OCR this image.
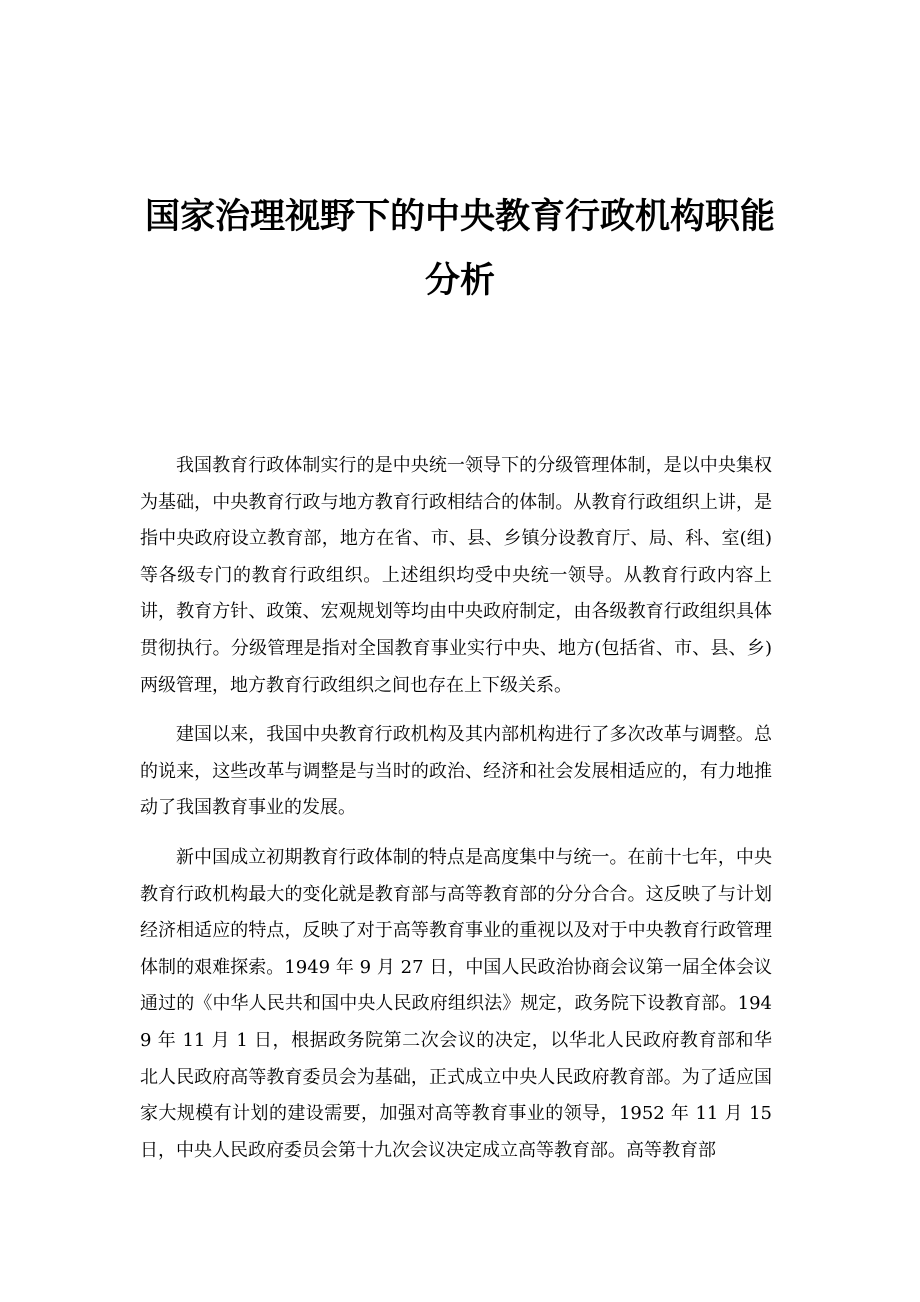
国家治理视野下的中央教育行政机构职能分析

我国教育行政体制实行的是中央统一领导下的分级管理体制，是以中央集权为基础，中央教育行政与地方教育行政相结合的体制。从教育行政组织上讲，是指中央政府设立教育部，地方在省、市、县、乡镇分设教育厅、局、科、室(组)等各级专门的教育行政组织。上述组织均受中央统一领导。从教育行政内容上讲，教育方针、政策、宏观规划等均由中央政府制定，由各级教育行政组织具体贯彻执行。分级管理是指对全国教育事业实行中央、地方(包括省、市、县、乡)两级管理，地方教育行政组织之间也存在上下级关系。

建国以来，我国中央教育行政机构及其内部机构进行了多次改革与调整。总的说来，这些改革与调整是与当时的政治、经济和社会发展相适应的，有力地推动了我国教育事业的发展。

新中国成立初期教育行政体制的特点是高度集中与统一。在前十七年，中央教育行政机构最大的变化就是教育部与高等教育部的分分合合。这反映了与计划经济相适应的特点，反映了对于高等教育事业的重视以及对于中央教育行政管理体制的艰难探索。1949 年 9 月 27 日，中国人民政治协商会议第一届全体会议通过的《中华人民共和国中央人民政府组织法》规定，政务院下设教育部。1949 年 11 月 1 日，根据政务院第二次会议的决定，以华北人民政府教育部和华北人民政府高等教育委员会为基础，正式成立中央人民政府教育部。为了适应国家大规模有计划的建设需要，加强对高等教育事业的领导，1952 年 11 月 15 日，中央人民政府委员会第十九次会议决定成立高等教育部。高等教育部
